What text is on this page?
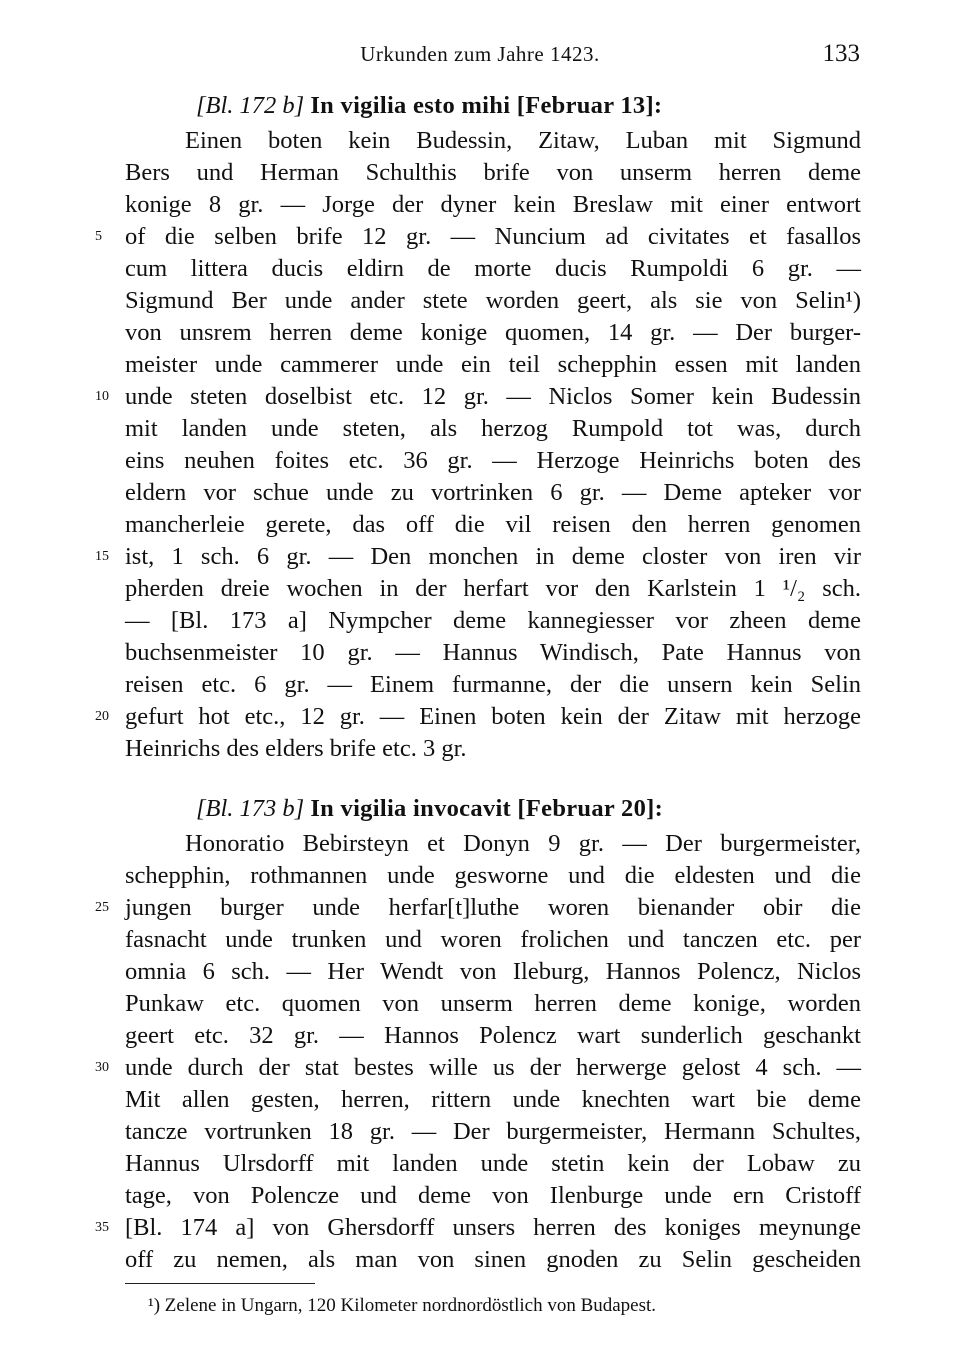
Urkunden zum Jahre 1423.	133
[Bl. 172 b] In vigilia esto mihi [Februar 13]:
Einen boten kein Budessin, Zitaw, Luban mit Sigmund
Bers und Herman Schulthis brife von unserm herren deme
konige 8 gr. — Jorge der dyner kein Breslaw mit einer entwort
of die selben brife 12 gr. — Nuncium ad civitates et fasallos
cum littera ducis eldirn de morte ducis Rumpoldi 6 gr. —
Sigmund Ber unde ander stete worden geert, als sie von Selin¹)
von unsrem herren deme konige quomen, 14 gr. — Der burger-
meister unde cammerer unde ein teil schepphin essen mit landen
unde steten doselbist etc. 12 gr. — Niclos Somer kein Budessin
mit landen unde steten, als herzog Rumpold tot was, durch
eins neuhen foites etc. 36 gr. — Herzoge Heinrichs boten des
eldern vor schue unde zu vortrinken 6 gr. — Deme apteker vor
mancherleie gerete, das off die vil reisen den herren genomen
ist, 1 sch. 6 gr. — Den monchen in deme closter von iren vir
pherden dreie wochen in der herfart vor den Karlstein 1 ¹/₂ sch.
— [Bl. 173 a] Nympcher deme kannegiesser vor zheen deme
buchsenmeister 10 gr. — Hannus Windisch, Pate Hannus von
reisen etc. 6 gr. — Einem furmanne, der die unsern kein Selin
gefurt hot etc., 12 gr. — Einen boten kein der Zitaw mit herzoge
Heinrichs des elders brife etc. 3 gr.
[Bl. 173 b] In vigilia invocavit [Februar 20]:
Honoratio Bebirsteyn et Donyn 9 gr. — Der burgermeister,
schepphin, rothmannen unde gesworne und die eldesten und die
jungen burger unde herfar[t]luthe woren bienander obir die
fasnacht unde trunken und woren frolichen und tanczen etc. per
omnia 6 sch. — Her Wendt von Ileburg, Hannos Polencz, Niclos
Punkaw etc. quomen von unserm herren deme konige, worden
geert etc. 32 gr. — Hannos Polencz wart sunderlich geschankt
unde durch der stat bestes wille us der herwerge gelost 4 sch. —
Mit allen gesten, herren, rittern unde knechten wart bie deme
tancze vortrunken 18 gr. — Der burgermeister, Hermann Schultes,
Hannus Ulrsdorff mit landen unde stetin kein der Lobaw zu
tage, von Polencze und deme von Ilenburge unde ern Cristoff
[Bl. 174 a] von Ghersdorff unsers herren des koniges meynunge
off zu nemen, als man von sinen gnoden zu Selin gescheiden
5
10
15
20
25
30
35
¹) Zelene in Ungarn, 120 Kilometer nordnordöstlich von Budapest.
